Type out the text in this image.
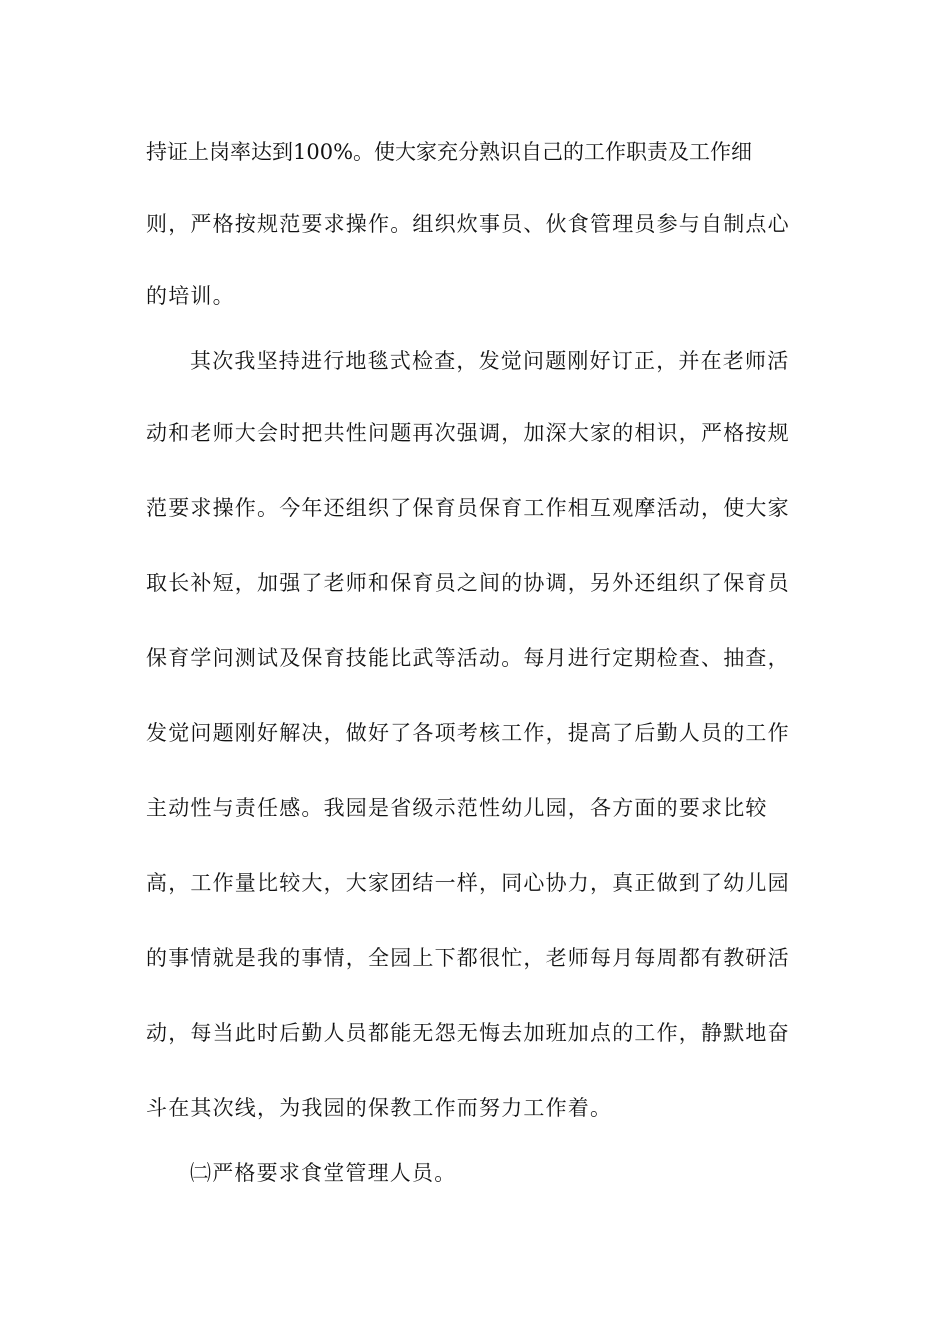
持证上岗率达到100%。使大家充分熟识自己的工作职责及工作细
则，严格按规范要求操作。组织炊事员、伙食管理员参与自制点心
的培训。
其次我坚持进行地毯式检查，发觉问题刚好订正，并在老师活
动和老师大会时把共性问题再次强调，加深大家的相识，严格按规
范要求操作。今年还组织了保育员保育工作相互观摩活动，使大家
取长补短，加强了老师和保育员之间的协调，另外还组织了保育员
保育学问测试及保育技能比武等活动。每月进行定期检查、抽查，
发觉问题刚好解决，做好了各项考核工作，提高了后勤人员的工作
主动性与责任感。我园是省级示范性幼儿园，各方面的要求比较
高，工作量比较大，大家团结一样，同心协力，真正做到了幼儿园
的事情就是我的事情，全园上下都很忙，老师每月每周都有教研活
动，每当此时后勤人员都能无怨无悔去加班加点的工作，静默地奋
斗在其次线，为我园的保教工作而努力工作着。
㈡严格要求食堂管理人员。
